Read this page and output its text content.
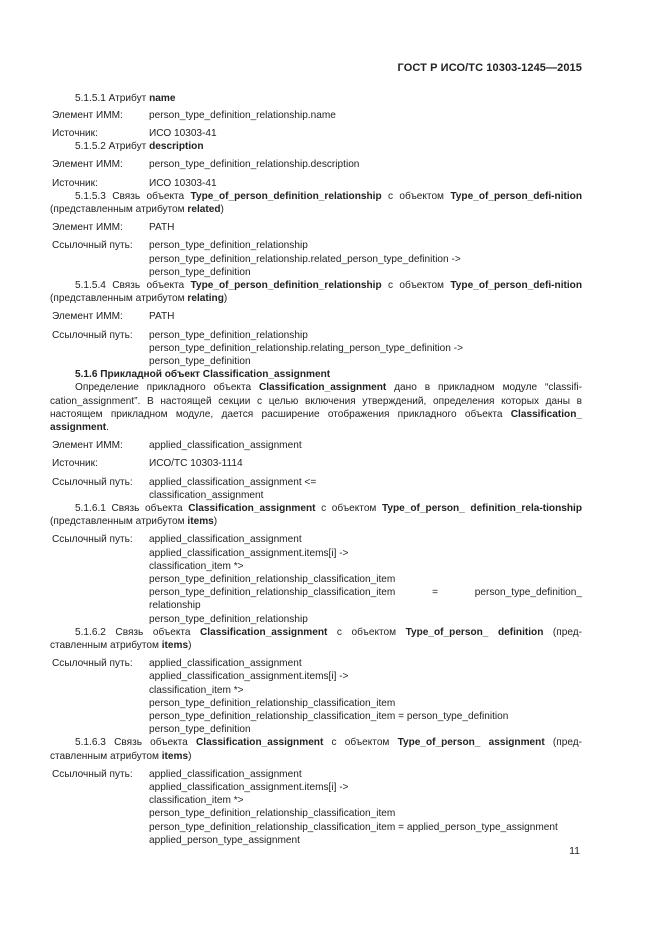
ГОСТ Р ИСО/ТС 10303-1245—2015
5.1.5.1 Атрибут name
Элемент ИММ:	person_type_definition_relationship.name
Источник:	ИСО 10303-41
5.1.5.2 Атрибут description
Элемент ИММ:	person_type_definition_relationship.description
Источник:	ИСО 10303-41
5.1.5.3 Связь объекта Type_of_person_definition_relationship с объектом Type_of_person_defi-nition (представленным атрибутом related)
Элемент ИММ:	PATH
Ссылочный путь:	person_type_definition_relationship
person_type_definition_relationship.related_person_type_definition ->
person_type_definition
5.1.5.4 Связь объекта Type_of_person_definition_relationship с объектом Type_of_person_defi-nition (представленным атрибутом relating)
Элемент ИММ:	PATH
Ссылочный путь:	person_type_definition_relationship
person_type_definition_relationship.relating_person_type_definition ->
person_type_definition
5.1.6 Прикладной объект Classification_assignment
Определение прикладного объекта Classification_assignment дано в прикладном модуле “classifi-cation_assignment”. В настоящей секции с целью включения утверждений, определения которых даны в настоящем прикладном модуле, дается расширение отображения прикладного объекта Classification_ assignment.
Элемент ИММ:	applied_classification_assignment
Источник:	ИСО/ТС 10303-1114
Ссылочный путь:	applied_classification_assignment <=
classification_assignment
5.1.6.1 Связь объекта Classification_assignment с объектом Type_of_person_ definition_rela-tionship (представленным атрибутом items)
Ссылочный путь:	applied_classification_assignment
applied_classification_assignment.items[i] ->
classification_item *>
person_type_definition_relationship_classification_item
person_type_definition_relationship_classification_item = person_type_definition_ relationship
person_type_definition_relationship
5.1.6.2 Связь объекта Classification_assignment с объектом Type_of_person_ definition (пред-ставленным атрибутом items)
Ссылочный путь:	applied_classification_assignment
applied_classification_assignment.items[i] ->
classification_item *>
person_type_definition_relationship_classification_item
person_type_definition_relationship_classification_item = person_type_definition
person_type_definition
5.1.6.3 Связь объекта Classification_assignment с объектом Type_of_person_ assignment (пред-ставленным атрибутом items)
Ссылочный путь:	applied_classification_assignment
applied_classification_assignment.items[i] ->
classification_item *>
person_type_definition_relationship_classification_item
person_type_definition_relationship_classification_item = applied_person_type_assignment
applied_person_type_assignment
11
